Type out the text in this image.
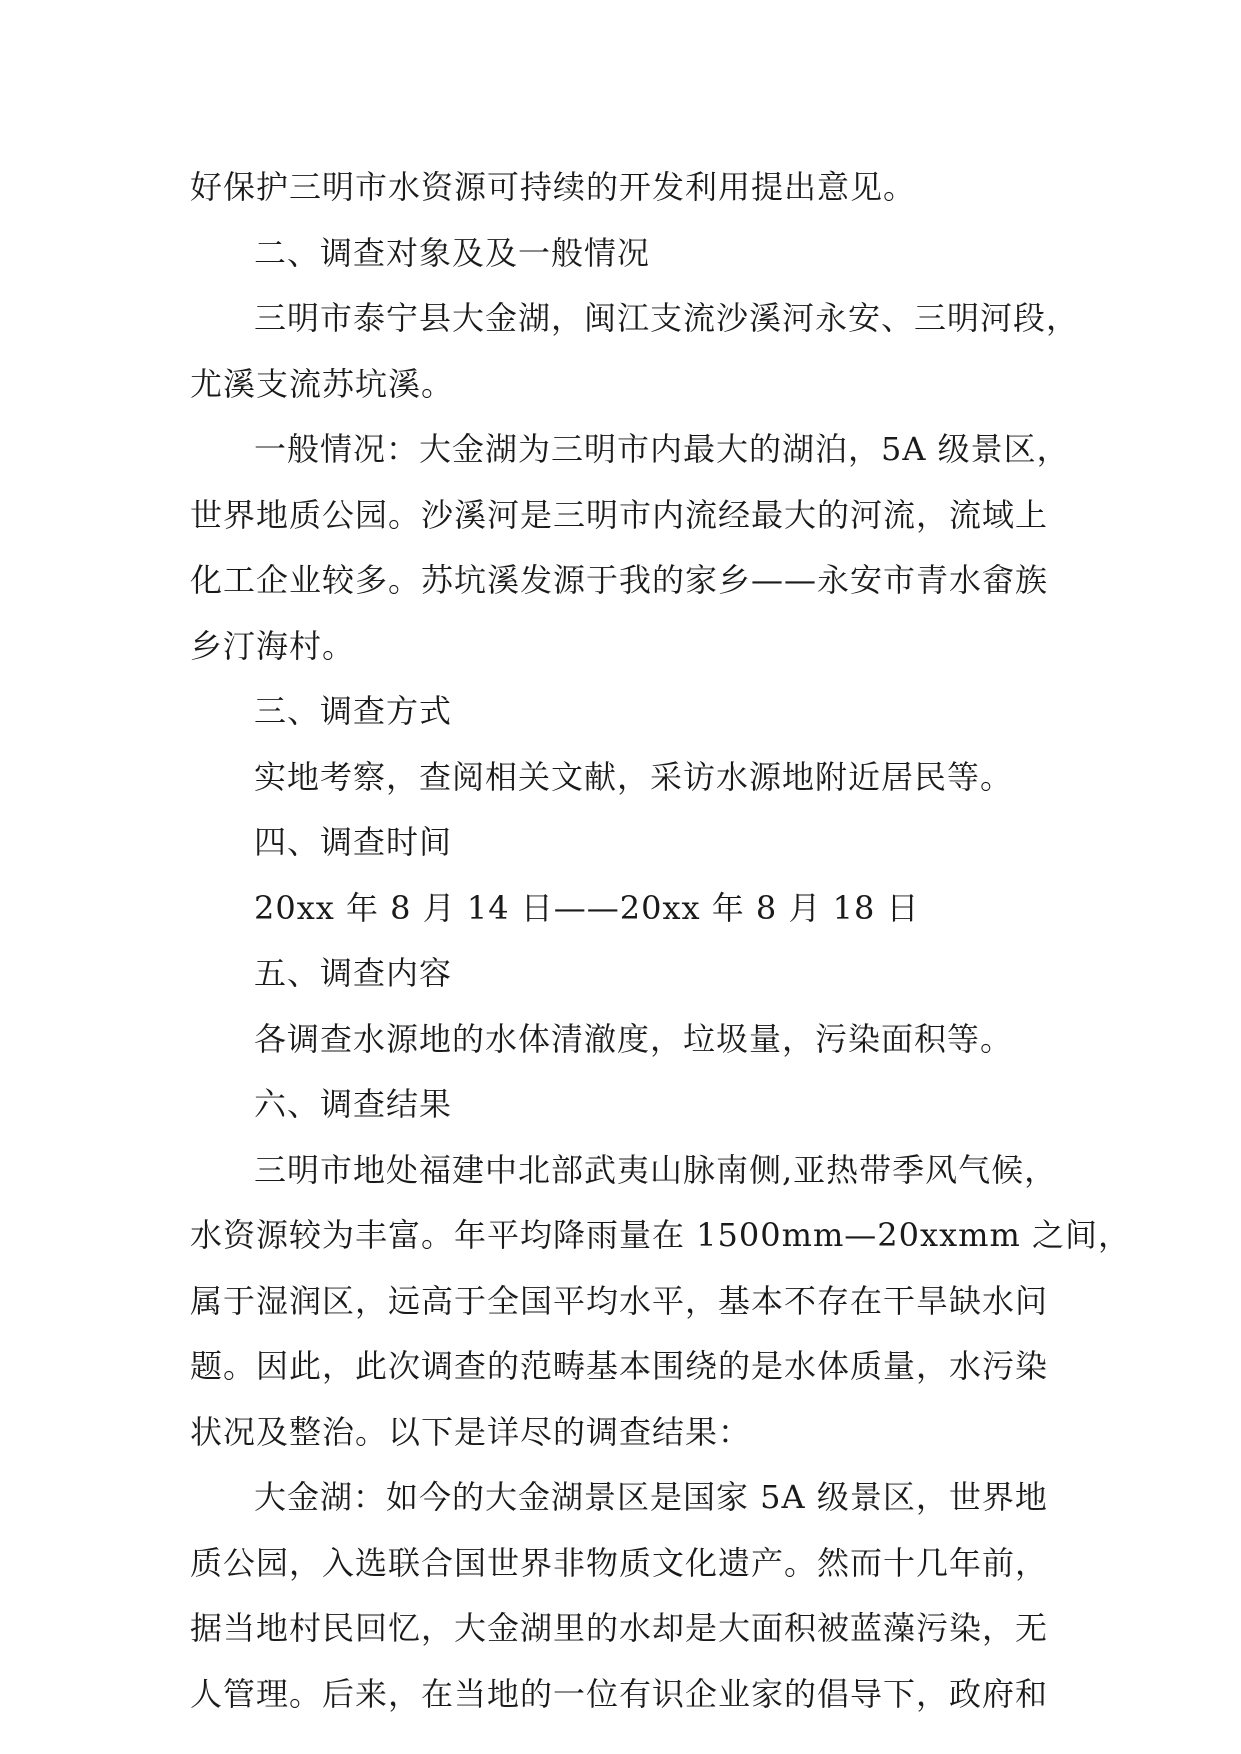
好保护三明市水资源可持续的开发利用提出意见。
二、调查对象及及一般情况
三明市泰宁县大金湖，闽江支流沙溪河永安、三明河段，
尤溪支流苏坑溪。
一般情况：大金湖为三明市内最大的湖泊，5A 级景区，
世界地质公园。沙溪河是三明市内流经最大的河流，流域上
化工企业较多。苏坑溪发源于我的家乡——永安市青水畲族
乡汀海村。
三、调查方式
实地考察，查阅相关文献，采访水源地附近居民等。
四、调查时间
20xx 年 8 月 14 日——20xx 年 8 月 18 日
五、调查内容
各调查水源地的水体清澈度，垃圾量，污染面积等。
六、调查结果
三明市地处福建中北部武夷山脉南侧,亚热带季风气候，
水资源较为丰富。年平均降雨量在 1500mm—20xxmm 之间，
属于湿润区，远高于全国平均水平，基本不存在干旱缺水问
题。因此，此次调查的范畴基本围绕的是水体质量，水污染
状况及整治。以下是详尽的调查结果：
大金湖：如今的大金湖景区是国家 5A 级景区，世界地
质公园，入选联合国世界非物质文化遗产。然而十几年前，
据当地村民回忆，大金湖里的水却是大面积被蓝藻污染，无
人管理。后来，在当地的一位有识企业家的倡导下，政府和
